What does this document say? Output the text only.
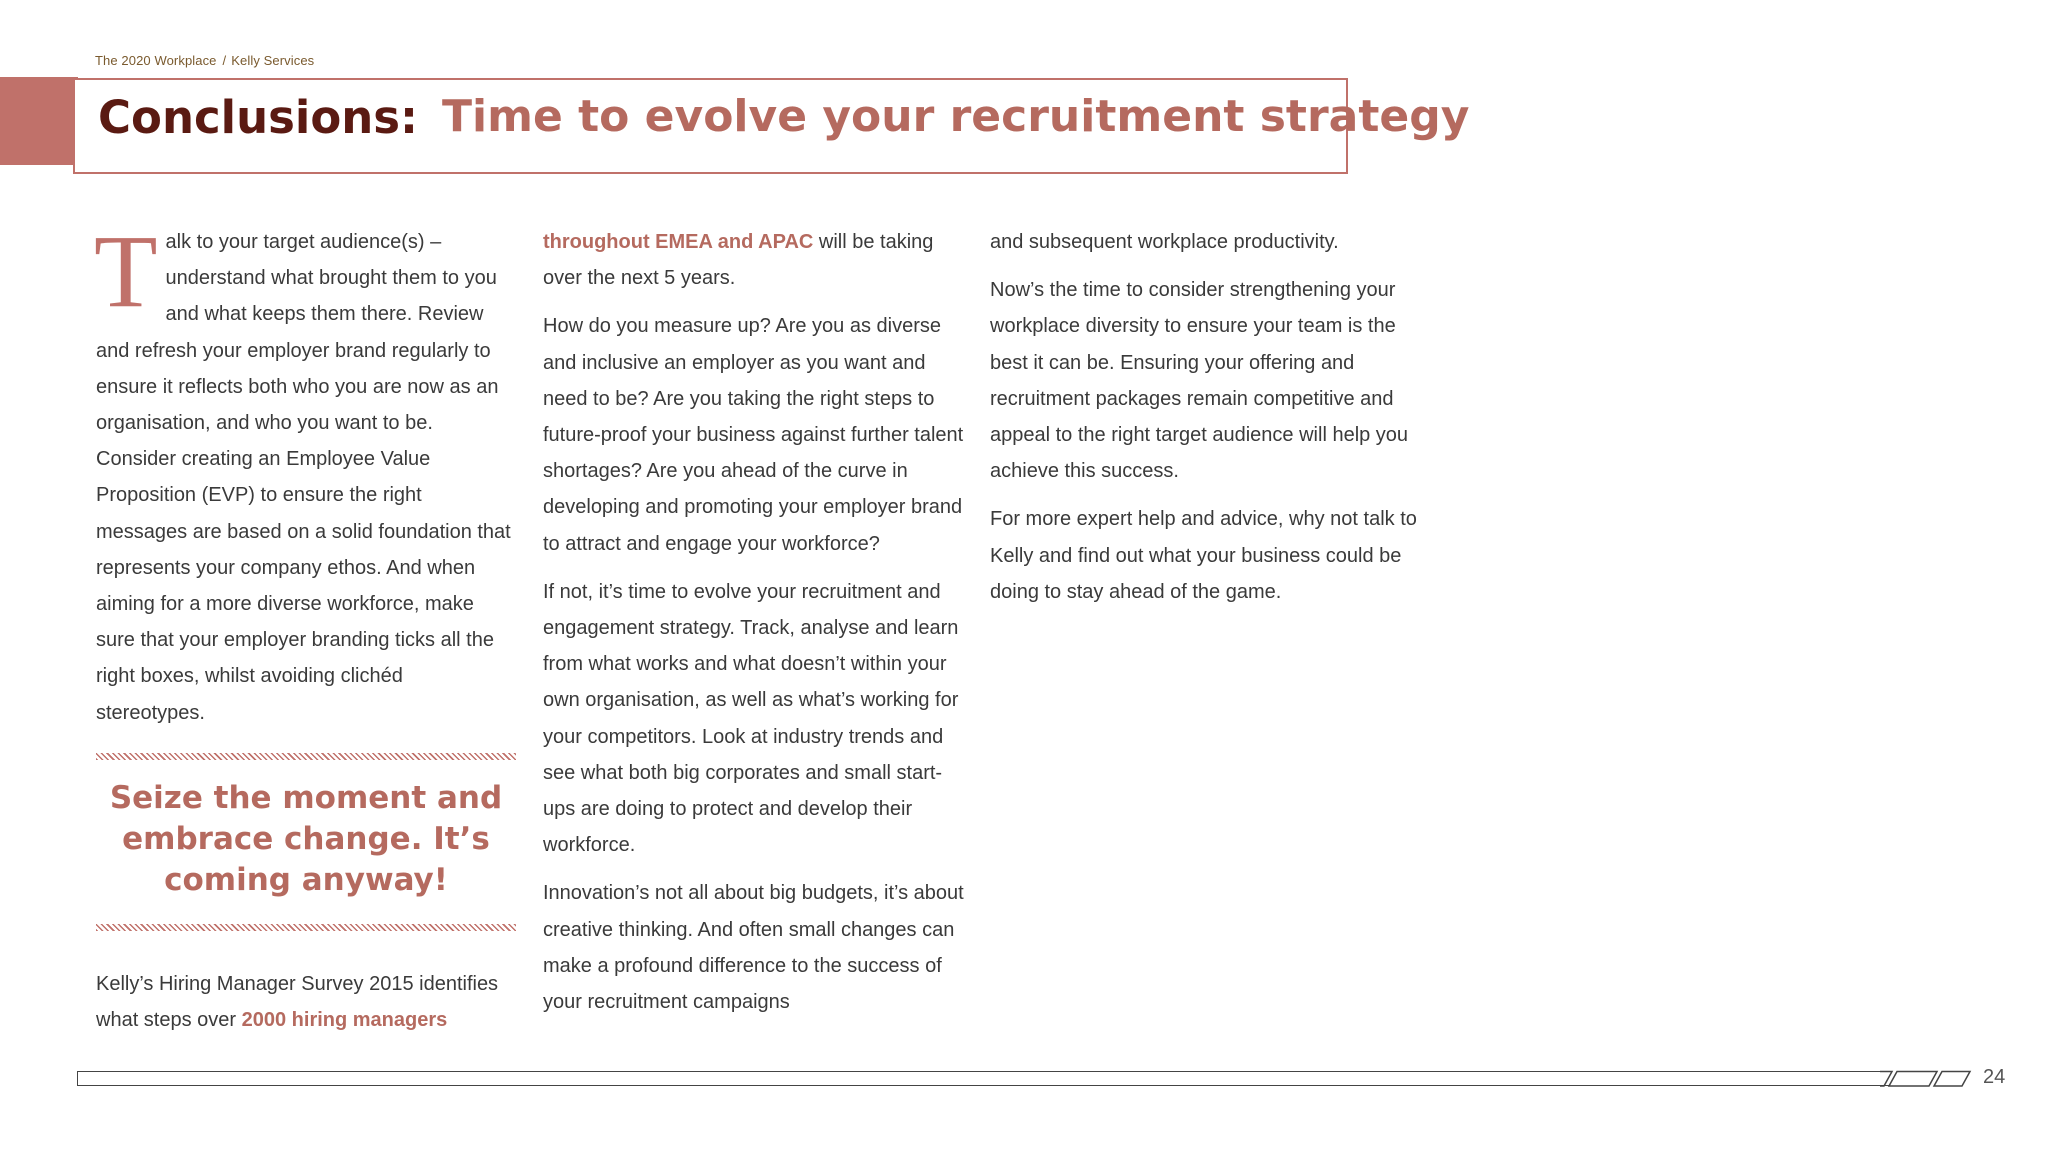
The 2020 Workplace / Kelly Services
Conclusions: Time to evolve your recruitment strategy
Talk to your target audience(s) – understand what brought them to you and what keeps them there. Review and refresh your employer brand regularly to ensure it reflects both who you are now as an organisation, and who you want to be. Consider creating an Employee Value Proposition (EVP) to ensure the right messages are based on a solid foundation that represents your company ethos. And when aiming for a more diverse workforce, make sure that your employer branding ticks all the right boxes, whilst avoiding clichéd stereotypes.
Seize the moment and embrace change. It’s coming anyway!
Kelly’s Hiring Manager Survey 2015 identifies what steps over 2000 hiring managers

throughout EMEA and APAC will be taking over the next 5 years.

How do you measure up? Are you as diverse and inclusive an employer as you want and need to be? Are you taking the right steps to future-proof your business against further talent shortages? Are you ahead of the curve in developing and promoting your employer brand to attract and engage your workforce?

If not, it’s time to evolve your recruitment and engagement strategy. Track, analyse and learn from what works and what doesn’t within your own organisation, as well as what’s working for your competitors. Look at industry trends and see what both big corporates and small start-ups are doing to protect and develop their workforce.

Innovation’s not all about big budgets, it’s about creative thinking. And often small changes can make a profound difference to the success of your recruitment campaigns

and subsequent workplace productivity.

Now’s the time to consider strengthening your workplace diversity to ensure your team is the best it can be. Ensuring your offering and recruitment packages remain competitive and appeal to the right target audience will help you achieve this success.

For more expert help and advice, why not talk to Kelly and find out what your business could be doing to stay ahead of the game.

24
